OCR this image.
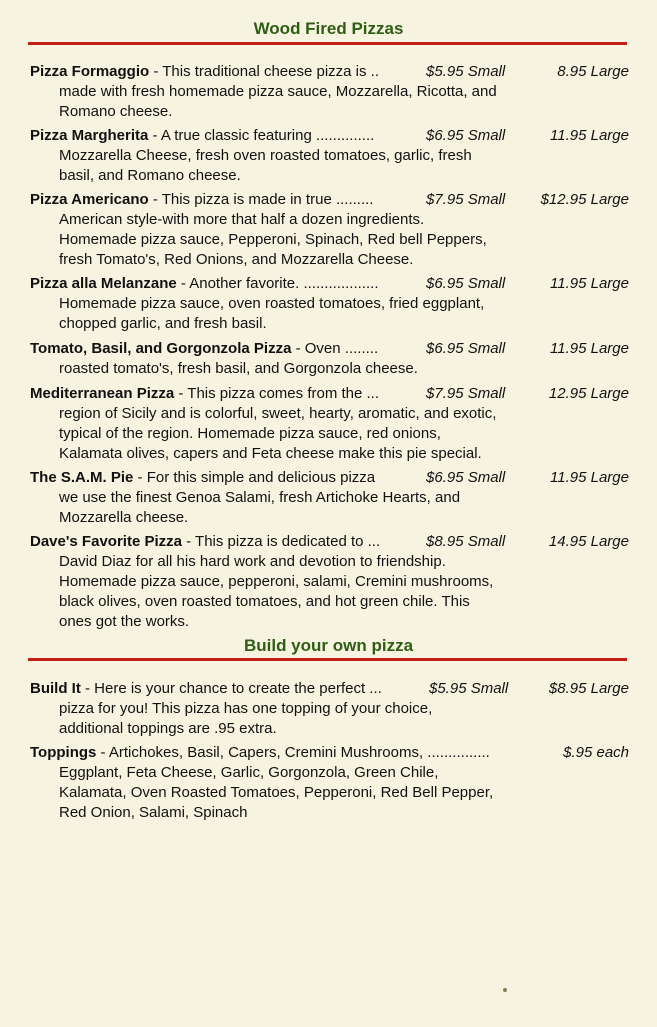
Wood Fired Pizzas
Pizza Formaggio - This traditional cheese pizza is ..	$5.95 Small	8.95 Large
made with fresh homemade pizza sauce, Mozzarella, Ricotta, and
Romano cheese.
Pizza Margherita - A true classic featuring ..............	$6.95 Small	11.95 Large
Mozzarella Cheese, fresh oven roasted tomatoes, garlic, fresh
basil, and Romano cheese.
Pizza Americano - This pizza is made in true .........	$7.95 Small $12.95 Large
American style-with more that half a dozen ingredients.
Homemade pizza sauce, Pepperoni, Spinach, Red bell Peppers,
fresh Tomato's, Red Onions, and Mozzarella Cheese.
Pizza alla Melanzane - Another favorite. ..................	$6.95 Small	11.95 Large
Homemade pizza sauce, oven roasted tomatoes, fried eggplant,
chopped garlic, and fresh basil.
Tomato, Basil, and Gorgonzola Pizza - Oven ........	$6.95 Small	11.95 Large
roasted tomato's, fresh basil, and Gorgonzola cheese.
Mediterranean Pizza - This pizza comes from the ...	$7.95 Small	12.95 Large
region of Sicily and is colorful, sweet, hearty, aromatic, and exotic,
typical of the region. Homemade pizza sauce, red onions,
Kalamata olives, capers and Feta cheese make this pie special.
The S.A.M. Pie - For this simple and delicious pizza	$6.95 Small	11.95 Large
we use the finest Genoa Salami, fresh Artichoke Hearts, and
Mozzarella cheese.
Dave's Favorite Pizza - This pizza is dedicated to ...	$8.95 Small	14.95 Large
David Diaz for all his hard work and devotion to friendship.
Homemade pizza sauce, pepperoni, salami, Cremini mushrooms,
black olives, oven roasted tomatoes, and hot green chile. This
ones got the works.
Build your own pizza
Build It - Here is your chance to create the perfect ...	$5.95 Small	$8.95 Large
pizza for you! This pizza has one topping of your choice,
additional toppings are .95 extra.
Toppings - Artichokes, Basil, Capers, Cremini Mushrooms, ...............	$.95 each
Eggplant, Feta Cheese, Garlic, Gorgonzola, Green Chile,
Kalamata, Oven Roasted Tomatoes, Pepperoni, Red Bell Pepper,
Red Onion, Salami, Spinach
